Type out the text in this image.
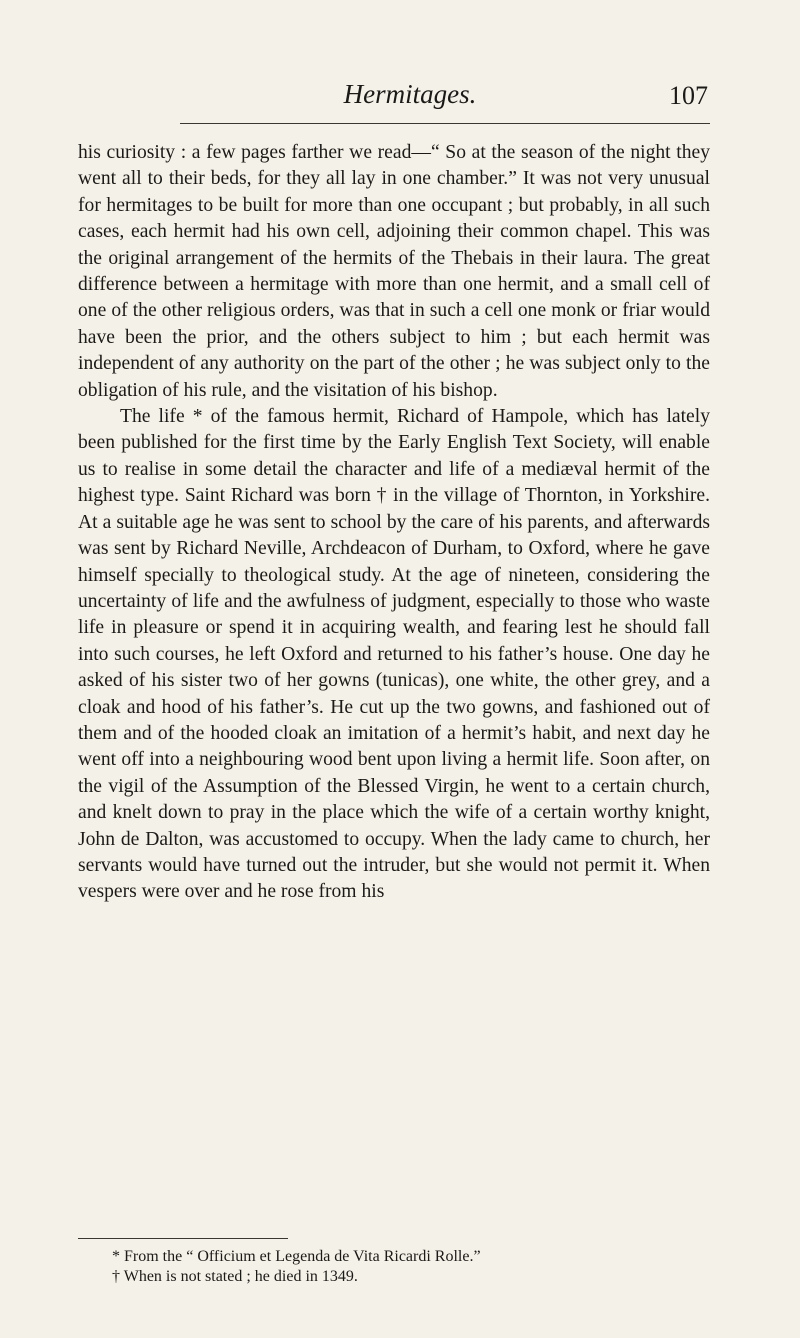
Hermitages.	107

his curiosity : a few pages farther we read—“ So at the season of the night they went all to their beds, for they all lay in one chamber.” It was not very unusual for hermitages to be built for more than one occupant ; but probably, in all such cases, each hermit had his own cell, adjoining their common chapel. This was the original arrangement of the hermits of the Thebais in their laura. The great difference between a hermitage with more than one hermit, and a small cell of one of the other religious orders, was that in such a cell one monk or friar would have been the prior, and the others subject to him ; but each hermit was independent of any authority on the part of the other ; he was subject only to the obligation of his rule, and the visitation of his bishop.

The life * of the famous hermit, Richard of Hampole, which has lately been published for the first time by the Early English Text Society, will enable us to realise in some detail the character and life of a mediæval hermit of the highest type. Saint Richard was born † in the village of Thornton, in Yorkshire. At a suitable age he was sent to school by the care of his parents, and afterwards was sent by Richard Neville, Archdeacon of Durham, to Oxford, where he gave himself specially to theological study. At the age of nineteen, considering the uncertainty of life and the awfulness of judgment, especially to those who waste life in pleasure or spend it in acquiring wealth, and fearing lest he should fall into such courses, he left Oxford and returned to his father’s house. One day he asked of his sister two of her gowns (tunicas), one white, the other grey, and a cloak and hood of his father’s. He cut up the two gowns, and fashioned out of them and of the hooded cloak an imitation of a hermit’s habit, and next day he went off into a neighbouring wood bent upon living a hermit life. Soon after, on the vigil of the Assumption of the Blessed Virgin, he went to a certain church, and knelt down to pray in the place which the wife of a certain worthy knight, John de Dalton, was accustomed to occupy. When the lady came to church, her servants would have turned out the intruder, but she would not permit it. When vespers were over and he rose from his

* From the “ Officium et Legenda de Vita Ricardi Rolle.”

† When is not stated ; he died in 1349.
